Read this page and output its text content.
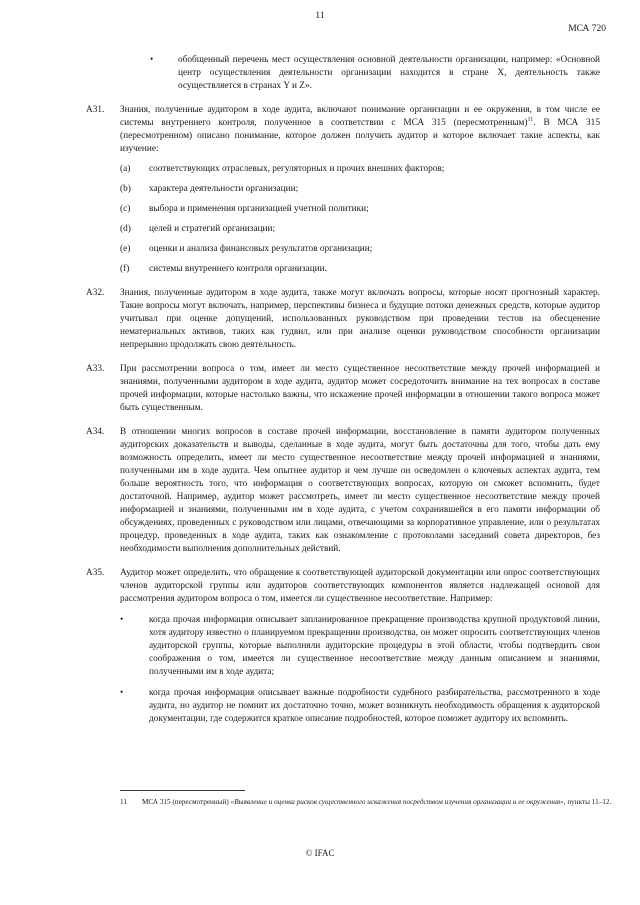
11
МСА 720
•	обобщенный перечень мест осуществления основной деятельности организации, например: «Основной центр осуществления деятельности организации находится в стране X, деятельность также осуществляется в странах Y и Z».
A31.	Знания, полученные аудитором в ходе аудита, включают понимание организации и ее окружения, в том числе ее системы внутреннего контроля, полученное в соответствии с МСА 315 (пересмотренным)$^{11}$. В МСА 315 (пересмотренном) описано понимание, которое должен получить аудитор и которое включает такие аспекты, как изучение:
(a) соответствующих отраслевых, регуляторных и прочих внешних факторов;
(b) характера деятельности организации;
(c) выбора и применения организацией учетной политики;
(d) целей и стратегий организации;
(e) оценки и анализа финансовых результатов организации;
(f) системы внутреннего контроля организации.
A32.	Знания, полученные аудитором в ходе аудита, также могут включать вопросы, которые носят прогнозный характер. Такие вопросы могут включать, например, перспективы бизнеса и будущие потоки денежных средств, которые аудитор учитывал при оценке допущений, использованных руководством при проведении тестов на обесценение нематериальных активов, таких как гудвил, или при анализе оценки руководством способности организации непрерывно продолжать свою деятельность.
A33.	При рассмотрении вопроса о том, имеет ли место существенное несоответствие между прочей информацией и знаниями, полученными аудитором в ходе аудита, аудитор может сосредоточить внимание на тех вопросах в составе прочей информации, которые настолько важны, что искажение прочей информации в отношении такого вопроса может быть существенным.
A34.	В отношении многих вопросов в составе прочей информации, восстановление в памяти аудитором полученных аудиторских доказательств и выводы, сделанные в ходе аудита, могут быть достаточны для того, чтобы дать ему возможность определить, имеет ли место существенное несоответствие между прочей информацией и знаниями, полученными им в ходе аудита. Чем опытнее аудитор и чем лучше он осведомлен о ключевых аспектах аудита, тем больше вероятность того, что информация о соответствующих вопросах, которую он сможет вспомнить, будет достаточной. Например, аудитор может рассмотреть, имеет ли место существенное несоответствие между прочей информацией и знаниями, полученными им в ходе аудита, с учетом сохранившейся в его памяти информации об обсуждениях, проведенных с руководством или лицами, отвечающими за корпоративное управление, или о результатах процедур, проведенных в ходе аудита, таких как ознакомление с протоколами заседаний совета директоров, без необходимости выполнения дополнительных действий.
A35.	Аудитор может определить, что обращение к соответствующей аудиторской документации или опрос соответствующих членов аудиторской группы или аудиторов соответствующих компонентов является надлежащей основой для рассмотрения аудитором вопроса о том, имеется ли существенное несоответствие. Например:
•	когда прочая информация описывает запланированное прекращение производства крупной продуктовой линии, хотя аудитору известно о планируемом прекращении производства, он может опросить соответствующих членов аудиторской группы, которые выполняли аудиторские процедуры в этой области, чтобы подтвердить свои соображения о том, имеется ли существенное несоответствие между данным описанием и знаниями, полученными им в ходе аудита;
•	когда прочая информация описывает важные подробности судебного разбирательства, рассмотренного в ходе аудита, но аудитор не помнит их достаточно точно, может возникнуть необходимость обращения к аудиторской документации, где содержится краткое описание подробностей, которое поможет аудитору их вспомнить.
11 МСА 315 (пересмотренный) «Выявление и оценка рисков существенного искажения посредством изучения организации и ее окружения», пункты 11–12.
© IFAC
